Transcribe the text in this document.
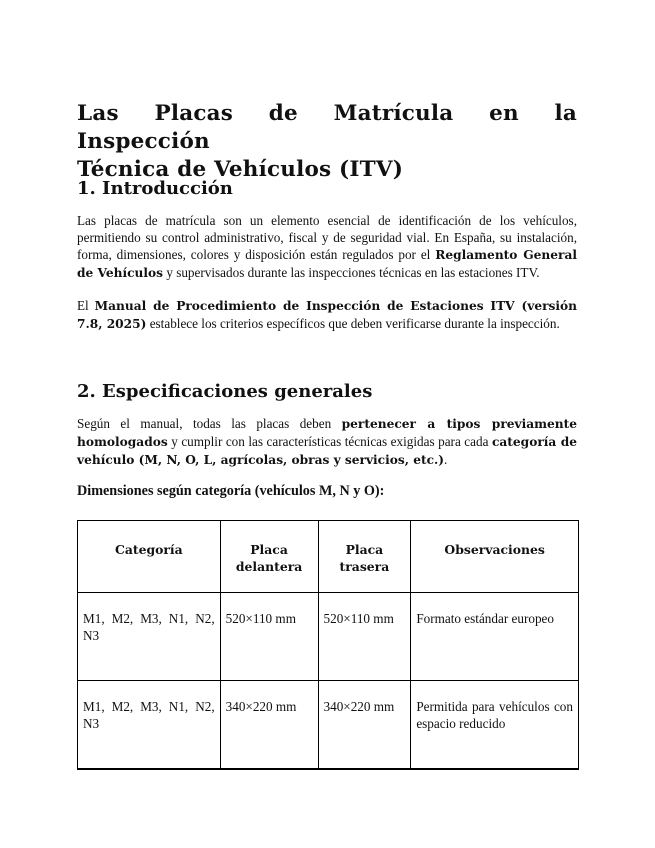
Las Placas de Matrícula en la Inspección
Técnica de Vehículos (ITV)
1. Introducción

Las placas de matrícula son un elemento esencial de identificación de los vehículos, permitiendo su control administrativo, fiscal y de seguridad vial. En España, su instalación, forma, dimensiones, colores y disposición están regulados por el Reglamento General de Vehículos y supervisados durante las inspecciones técnicas en las estaciones ITV.

El Manual de Procedimiento de Inspección de Estaciones ITV (versión 7.8, 2025) establece los criterios específicos que deben verificarse durante la inspección.

2. Especificaciones generales

Según el manual, todas las placas deben pertenecer a tipos previamente homologados y cumplir con las características técnicas exigidas para cada categoría de vehículo (M, N, O, L, agrícolas, obras y servicios, etc.).

Dimensiones según categoría (vehículos M, N y O):
Categoría	Placa delantera	Placa trasera	Observaciones
M1, M2, M3, N1, N2, N3	520×110 mm	520×110 mm	Formato estándar europeo
M1, M2, M3, N1, N2, N3	340×220 mm	340×220 mm	Permitida para vehículos con espacio reducido
